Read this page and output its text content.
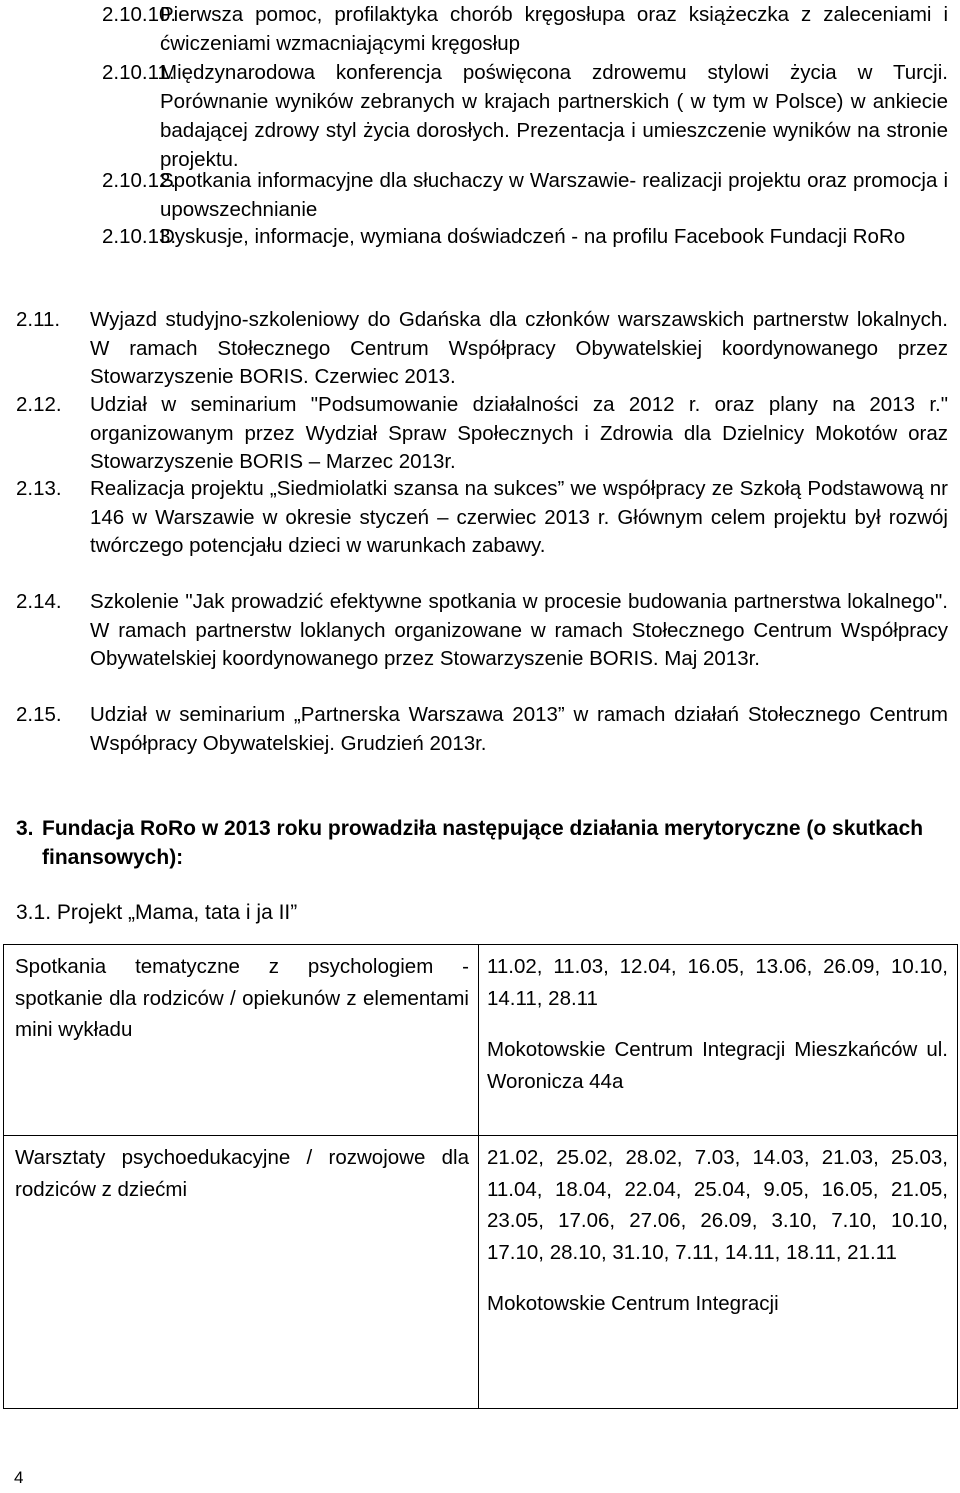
2.10.10.
Pierwsza pomoc, profilaktyka chorób kręgosłupa oraz książeczka z zaleceniami i ćwiczeniami wzmacniającymi kręgosłup
2.10.11.
Międzynarodowa konferencja poświęcona zdrowemu stylowi życia w Turcji. Porównanie wyników zebranych w krajach partnerskich ( w tym w Polsce) w ankiecie badającej zdrowy styl życia dorosłych. Prezentacja i umieszczenie wyników na stronie projektu.
2.10.12.
Spotkania informacyjne dla słuchaczy w Warszawie- realizacji projektu oraz promocja i upowszechnianie
2.10.13.
Dyskusje, informacje, wymiana doświadczeń - na profilu Facebook Fundacji RoRo
2.11. Wyjazd studyjno-szkoleniowy do Gdańska dla członków warszawskich partnerstw lokalnych. W ramach Stołecznego Centrum Współpracy Obywatelskiej koordynowanego przez Stowarzyszenie BORIS. Czerwiec 2013.
2.12. Udział w seminarium "Podsumowanie działalności za 2012 r. oraz plany na 2013 r." organizowanym przez Wydział Spraw Społecznych i Zdrowia dla Dzielnicy Mokotów oraz Stowarzyszenie BORIS – Marzec 2013r.
2.13. Realizacja projektu „Siedmiolatki szansa na sukces” we współpracy ze Szkołą Podstawową nr 146 w Warszawie w okresie styczeń – czerwiec 2013 r. Głównym celem projektu był rozwój twórczego potencjału dzieci w warunkach zabawy.
2.14. Szkolenie "Jak prowadzić efektywne spotkania w procesie budowania partnerstwa lokalnego". W ramach partnerstw loklanych organizowane w ramach Stołecznego Centrum Współpracy Obywatelskiej koordynowanego przez Stowarzyszenie BORIS. Maj 2013r.
2.15. Udział w seminarium „Partnerska Warszawa 2013” w ramach działań Stołecznego Centrum Współpracy Obywatelskiej. Grudzień 2013r.
3. Fundacja RoRo w 2013 roku prowadziła następujące działania merytoryczne (o skutkach finansowych):
3.1. Projekt „Mama, tata i ja II”
Spotkania tematyczne z psychologiem - spotkanie dla rodziców / opiekunów z elementami mini wykładu	11.02, 11.03, 12.04, 16.05, 13.06, 26.09, 10.10, 14.11, 28.11
Mokotowskie Centrum Integracji Mieszkańców ul. Woronicza 44a
Warsztaty psychoedukacyjne / rozwojowe dla rodziców z dziećmi	21.02, 25.02, 28.02, 7.03, 14.03, 21.03, 25.03, 11.04, 18.04, 22.04, 25.04, 9.05, 16.05, 21.05, 23.05, 17.06, 27.06, 26.09, 3.10, 7.10, 10.10, 17.10, 28.10, 31.10, 7.11, 14.11, 18.11, 21.11
Mokotowskie Centrum Integracji
4
